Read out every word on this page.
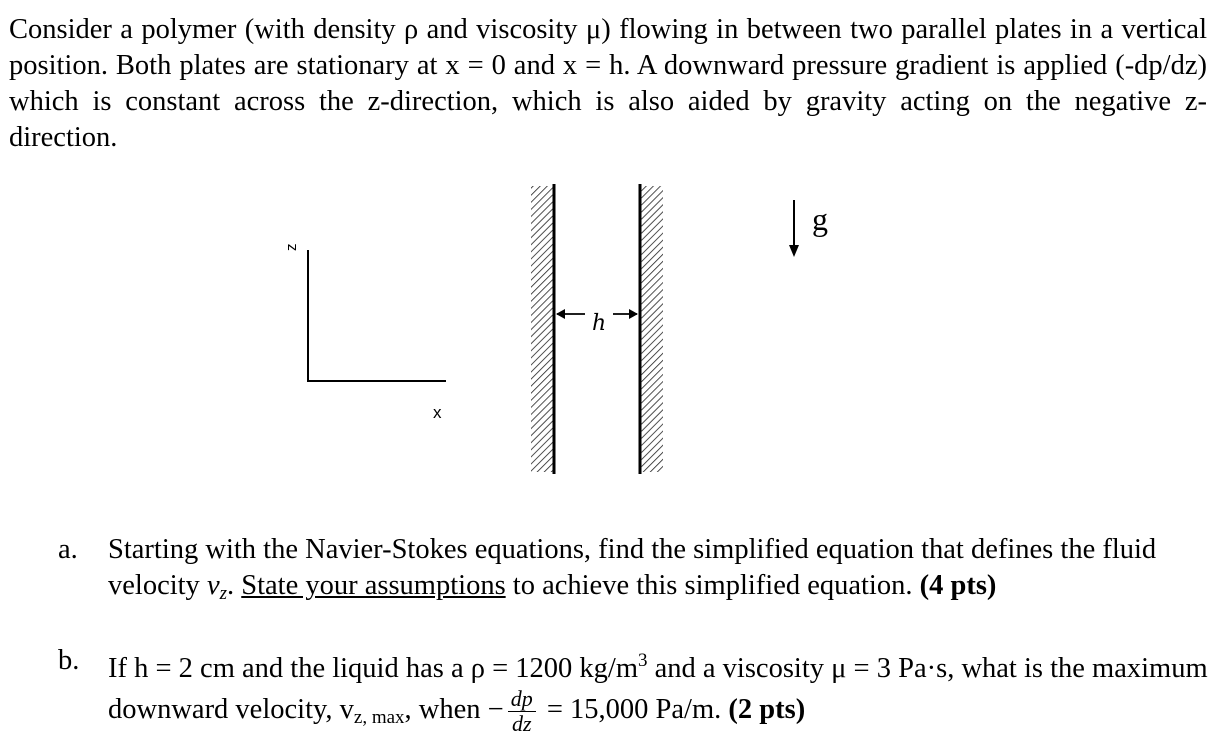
Consider a polymer (with density ρ and viscosity μ) flowing in between two parallel plates in a vertical position. Both plates are stationary at x = 0 and x = h. A downward pressure gradient is applied (-dp/dz) which is constant across the z-direction, which is also aided by gravity acting on the negative z-direction.

z
x
h
g
a. Starting with the Navier-Stokes equations, find the simplified equation that defines the fluid velocity $v_z$. State your assumptions to achieve this simplified equation. (4 pts)
b. If h = 2 cm and the liquid has a ρ = 1200 $kg/m^3$ and a viscosity μ = 3 Pa·s, what is the maximum downward velocity, $v_{z, max}$, when − $\frac{dp}{dz} = 15,000$ Pa/m. (2 pts)
